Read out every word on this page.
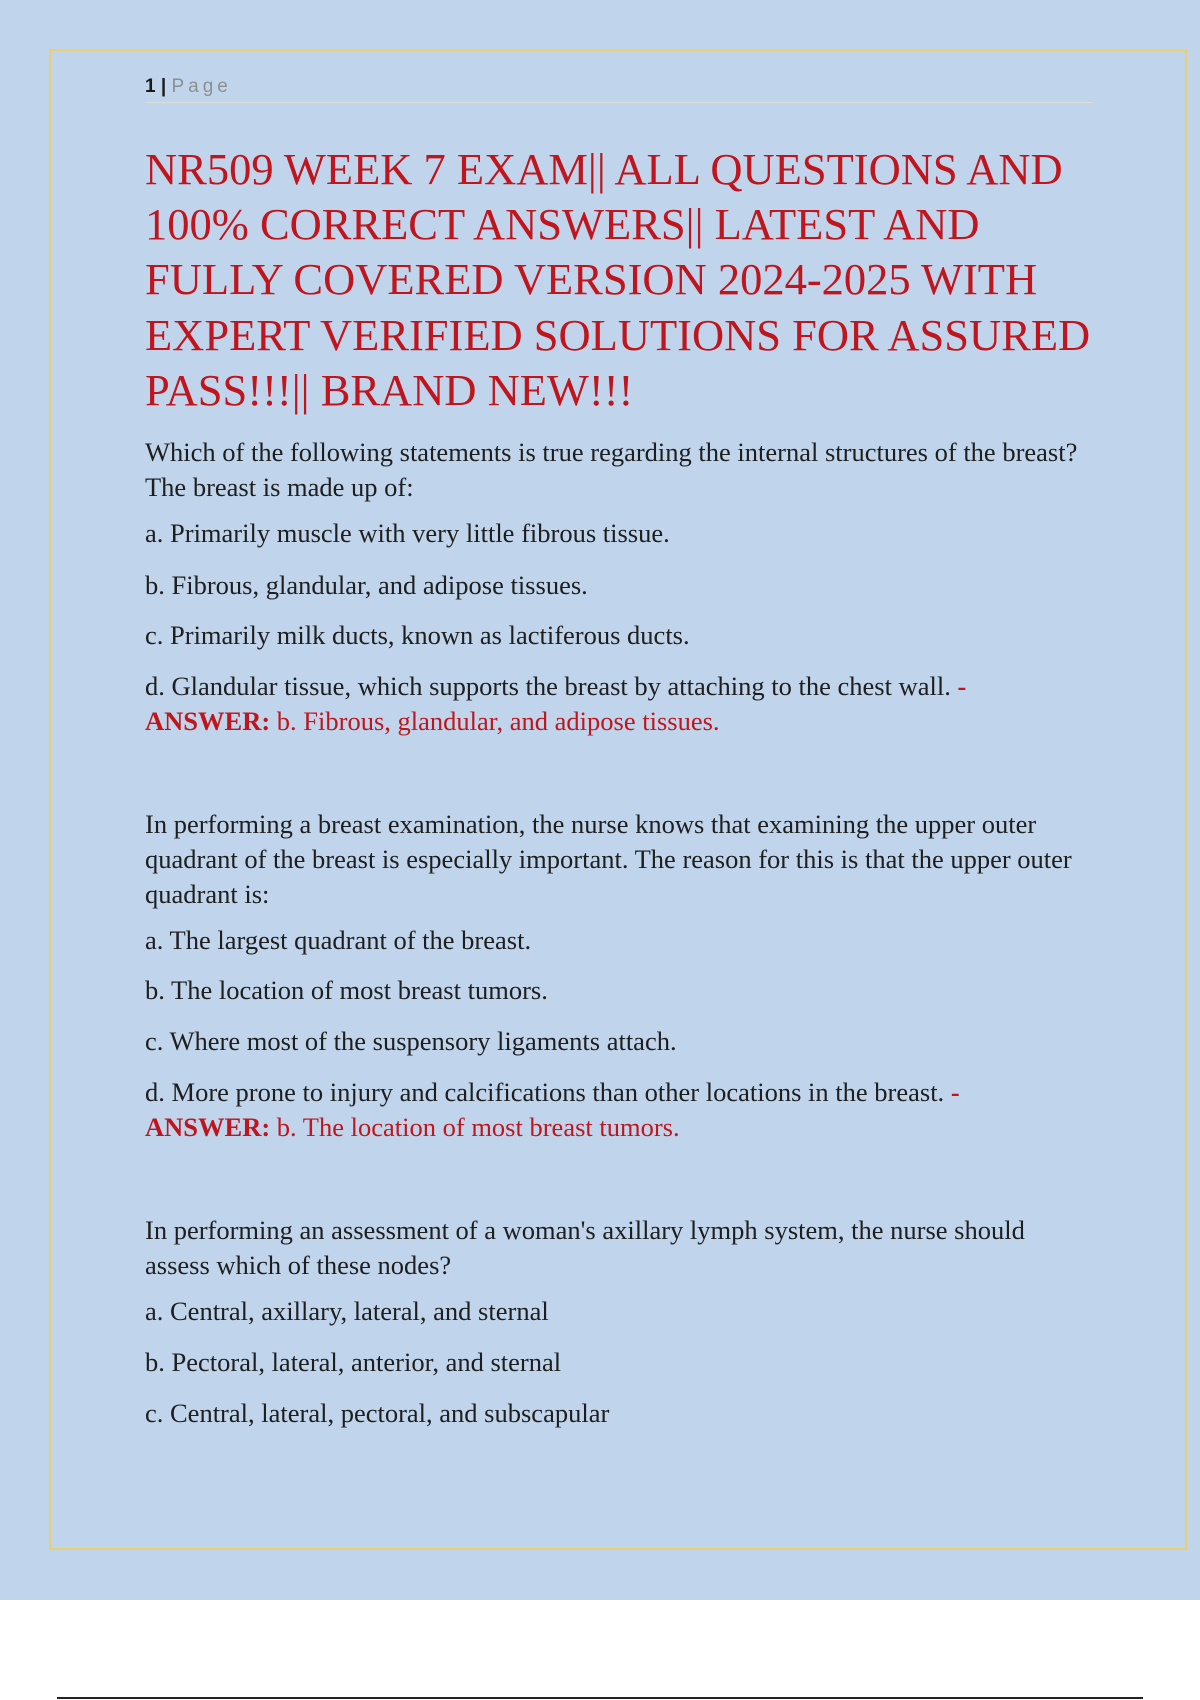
1 | Page
NR509 WEEK 7 EXAM|| ALL QUESTIONS AND 100% CORRECT ANSWERS|| LATEST AND FULLY COVERED VERSION 2024-2025 WITH EXPERT VERIFIED SOLUTIONS FOR ASSURED PASS!!!|| BRAND NEW!!!

Which of the following statements is true regarding the internal structures of the breast? The breast is made up of:

a. Primarily muscle with very little fibrous tissue.

b. Fibrous, glandular, and adipose tissues.

c. Primarily milk ducts, known as lactiferous ducts.

d. Glandular tissue, which supports the breast by attaching to the chest wall. -
ANSWER: b. Fibrous, glandular, and adipose tissues.

In performing a breast examination, the nurse knows that examining the upper outer quadrant of the breast is especially important. The reason for this is that the upper outer quadrant is:

a. The largest quadrant of the breast.

b. The location of most breast tumors.

c. Where most of the suspensory ligaments attach.

d. More prone to injury and calcifications than other locations in the breast. -
ANSWER: b. The location of most breast tumors.

In performing an assessment of a woman's axillary lymph system, the nurse should assess which of these nodes?

a. Central, axillary, lateral, and sternal

b. Pectoral, lateral, anterior, and sternal

c. Central, lateral, pectoral, and subscapular
